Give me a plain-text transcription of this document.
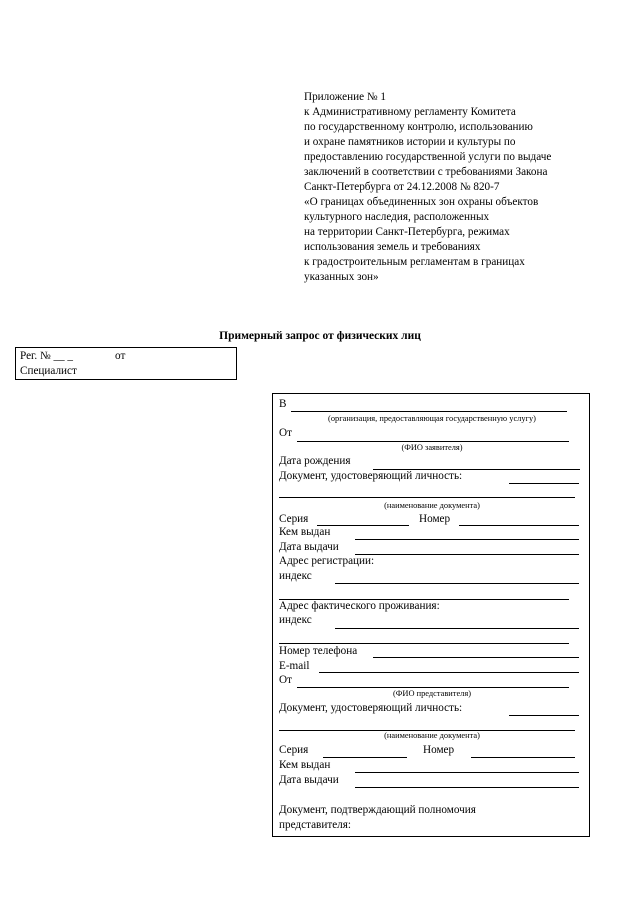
Приложение № 1
к Административному регламенту Комитета
по государственному контролю, использованию
и охране памятников истории и культуры по
предоставлению государственной услуги по выдаче
заключений в соответствии с требованиями Закона
Санкт-Петербурга от 24.12.2008 № 820-7
«О границах объединенных зон охраны объектов
культурного наследия, расположенных
на территории Санкт-Петербурга, режимах
использования земель и требованиях
к градостроительным регламентам в границах
указанных зон»
Примерный запрос от физических лиц
Рег. № __ _	от
Специалист
В
(организация, предоставляющая государственную услугу)
От
(ФИО заявителя)
Дата рождения
Документ, удостоверяющий личность:
(наименование документа)
Серия	Номер
Кем выдан
Дата выдачи
Адрес регистрации:
индекс
Адрес фактического проживания:
индекс
Номер телефона
E-mail
От
(ФИО представителя)
Документ, удостоверяющий личность:
(наименование документа)
Серия	Номер
Кем выдан
Дата выдачи
Документ, подтверждающий полномочия
представителя:
